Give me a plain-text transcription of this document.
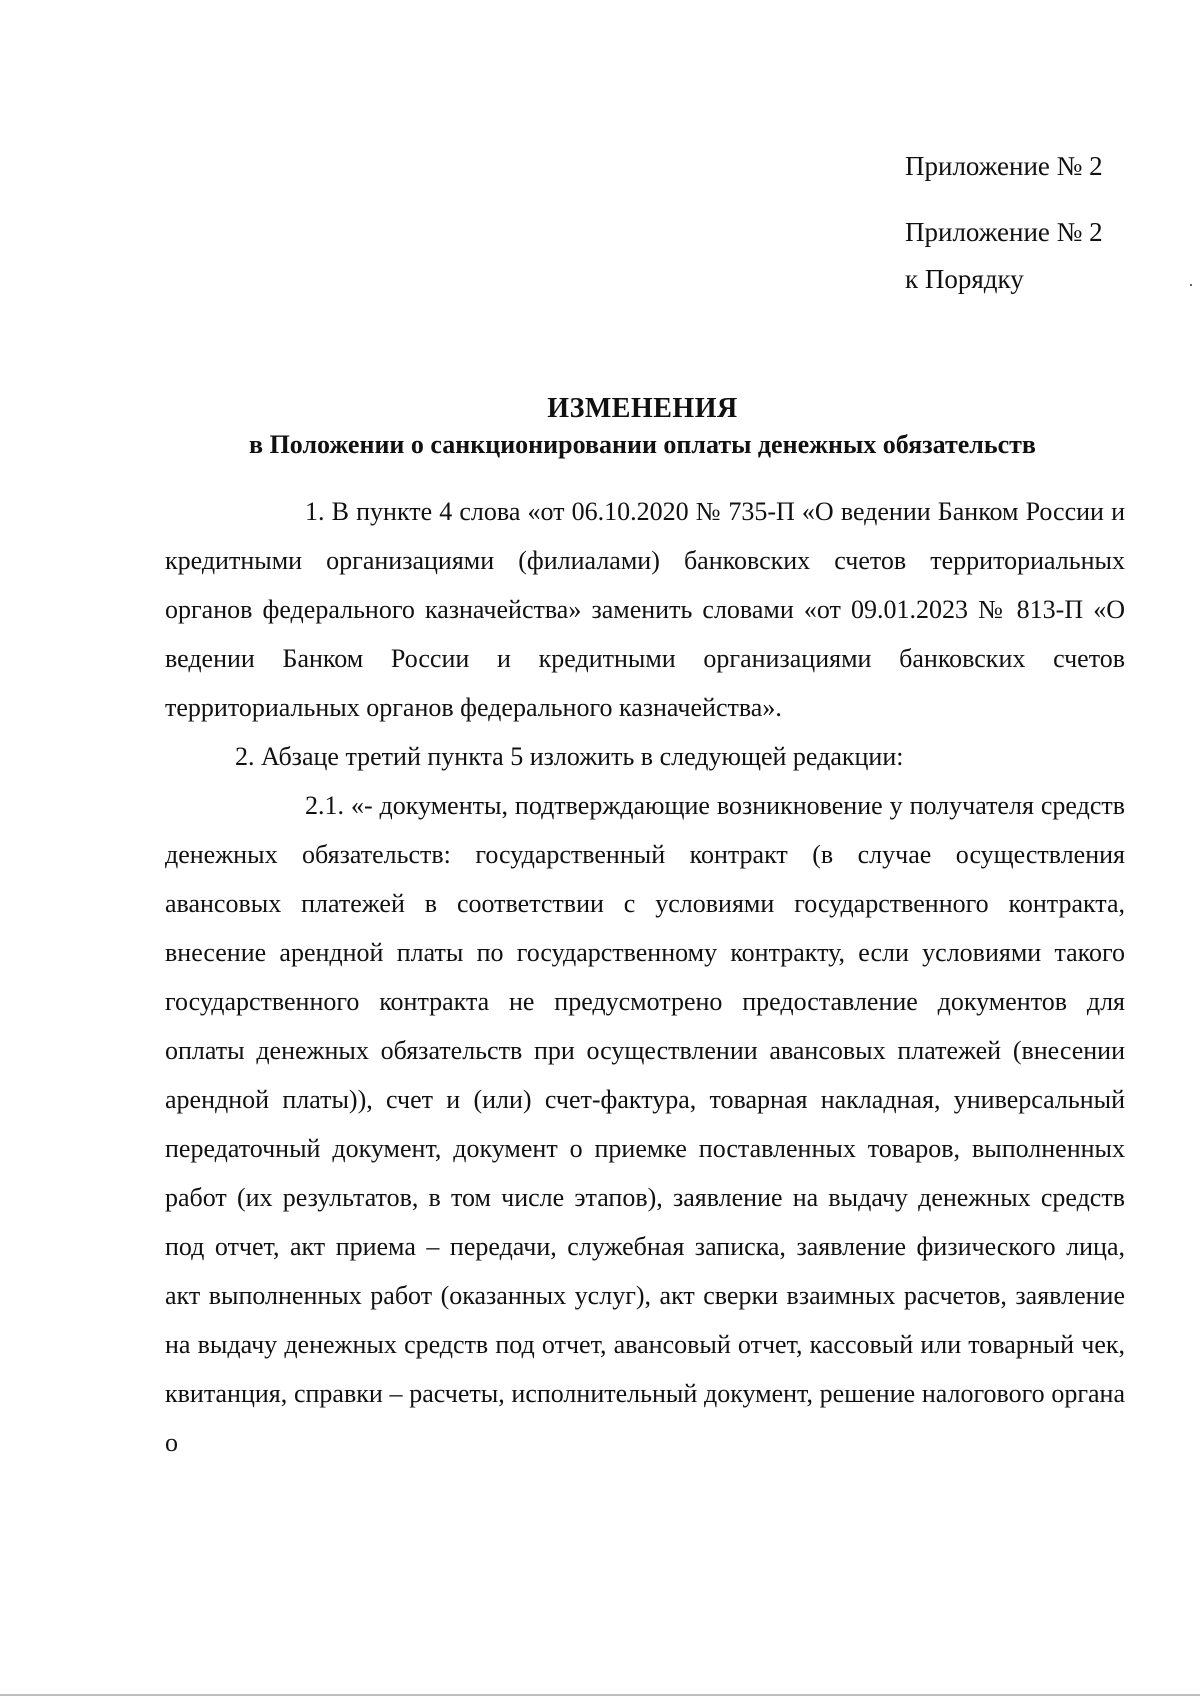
Приложение № 2
Приложение № 2
к Порядку
ИЗМЕНЕНИЯ
в Положении о санкционировании оплаты денежных обязательств

1. В пункте 4 слова «от 06.10.2020 № 735-П «О ведении Банком России и кредитными организациями (филиалами) банковских счетов территориальных органов федерального казначейства» заменить словами «от 09.01.2023 № 813-П «О ведении Банком России и кредитными организациями банковских счетов территориальных органов федерального казначейства».

2. Абзаце третий пункта 5 изложить в следующей редакции:

2.1. «- документы, подтверждающие возникновение у получателя средств денежных обязательств: государственный контракт (в случае осуществления авансовых платежей в соответствии с условиями государственного контракта, внесение арендной платы по государственному контракту, если условиями такого государственного контракта не предусмотрено предоставление документов для оплаты денежных обязательств при осуществлении авансовых платежей (внесении арендной платы)), счет и (или) счет-фактура, товарная накладная, универсальный передаточный документ, документ о приемке поставленных товаров, выполненных работ (их результатов, в том числе этапов), заявление на выдачу денежных средств под отчет, акт приема – передачи, служебная записка, заявление физического лица, акт выполненных работ (оказанных услуг), акт сверки взаимных расчетов, заявление на выдачу денежных средств под отчет, авансовый отчет, кассовый или товарный чек, квитанция, справки – расчеты, исполнительный документ, решение налогового органа о
